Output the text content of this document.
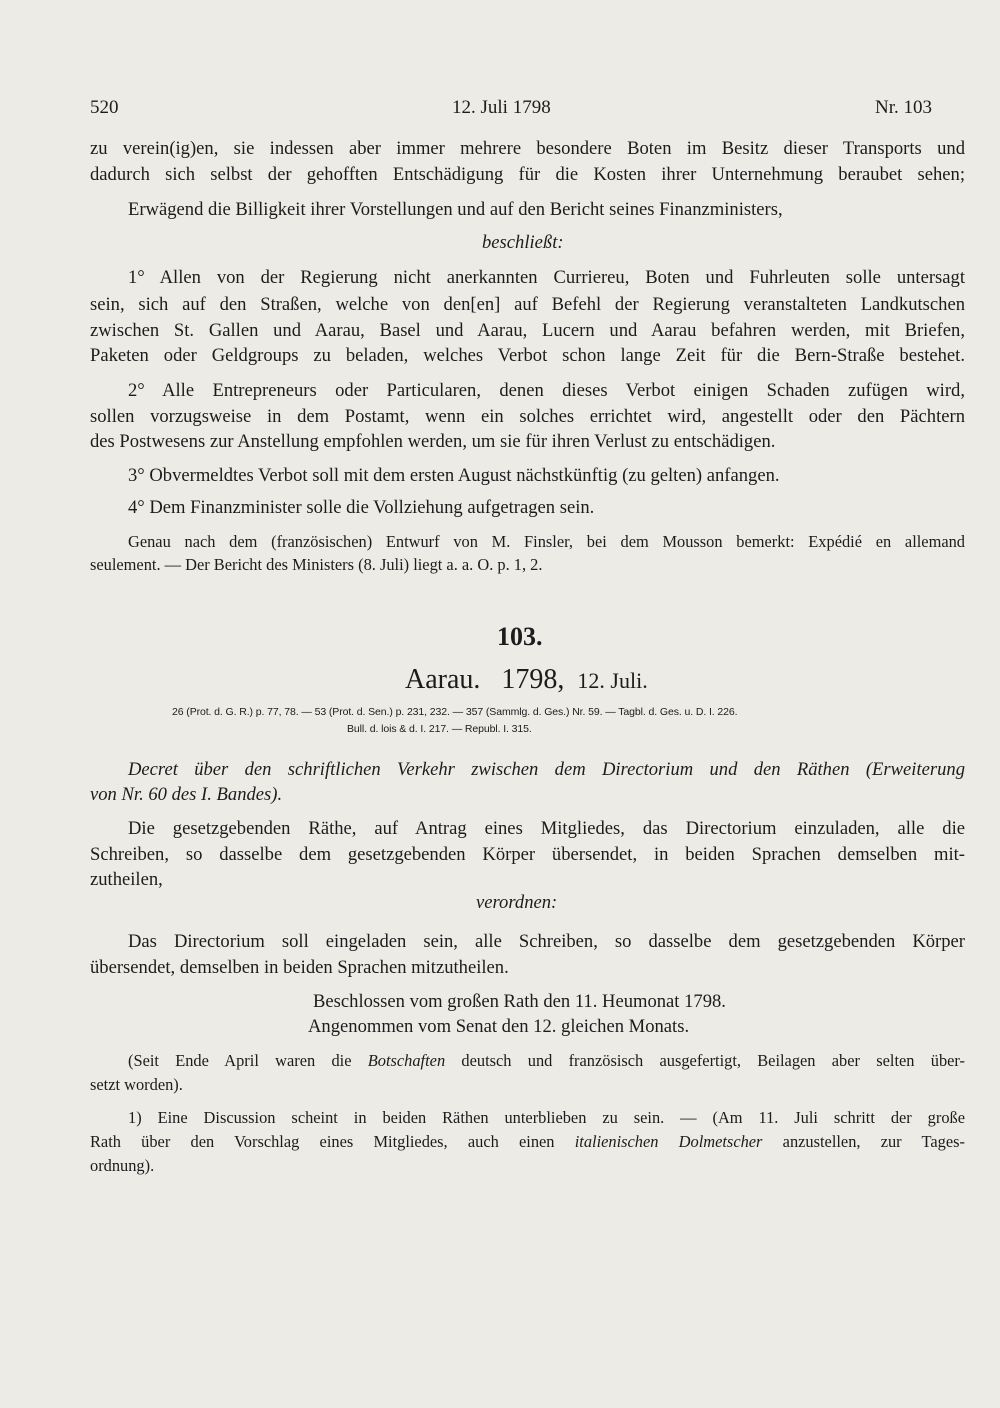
520	12. Juli 1798	Nr. 103
zu verein(ig)en, sie indessen aber immer mehrere besondere Boten im Besitz dieser Transports und
dadurch sich selbst der gehofften Entschädigung für die Kosten ihrer Unternehmung beraubet sehen;
Erwägend die Billigkeit ihrer Vorstellungen und auf den Bericht seines Finanzministers,
beschließt:
1° Allen von der Regierung nicht anerkannten Curriereu, Boten und Fuhrleuten solle untersagt
sein, sich auf den Straßen, welche von den[en] auf Befehl der Regierung veranstalteten Landkutschen
zwischen St. Gallen und Aarau, Basel und Aarau, Lucern und Aarau befahren werden, mit Briefen,
Paketen oder Geldgroups zu beladen, welches Verbot schon lange Zeit für die Bern-Straße bestehet.
2° Alle Entrepreneurs oder Particularen, denen dieses Verbot einigen Schaden zufügen wird,
sollen vorzugsweise in dem Postamt, wenn ein solches errichtet wird, angestellt oder den Pächtern
des Postwesens zur Anstellung empfohlen werden, um sie für ihren Verlust zu entschädigen.
3° Obvermeldtes Verbot soll mit dem ersten August nächstkünftig (zu gelten) anfangen.
4° Dem Finanzminister solle die Vollziehung aufgetragen sein.
Genau nach dem (französischen) Entwurf von M. Finsler, bei dem Mousson bemerkt: Expédié en allemand
seulement. — Der Bericht des Ministers (8. Juli) liegt a. a. O. p. 1, 2.
103.
Aarau. 1798, 12. Juli.
26 (Prot. d. G. R.) p. 77, 78. — 53 (Prot. d. Sen.) p. 231, 232. — 357 (Sammlg. d. Ges.) Nr. 59. — Tagbl. d. Ges. u. D. I. 226.
Bull. d. lois & d. I. 217. — Republ. I. 315.
Decret über den schriftlichen Verkehr zwischen dem Directorium und den Räthen (Erweiterung
von Nr. 60 des I. Bandes).
Die gesetzgebenden Räthe, auf Antrag eines Mitgliedes, das Directorium einzuladen, alle die
Schreiben, so dasselbe dem gesetzgebenden Körper übersendet, in beiden Sprachen demselben mit-
zutheilen,
verordnen:
Das Directorium soll eingeladen sein, alle Schreiben, so dasselbe dem gesetzgebenden Körper
übersendet, demselben in beiden Sprachen mitzutheilen.
Beschlossen vom großen Rath den 11. Heumonat 1798.
Angenommen vom Senat den 12. gleichen Monats.
(Seit Ende April waren die Botschaften deutsch und französisch ausgefertigt, Beilagen aber selten über-
setzt worden).
1) Eine Discussion scheint in beiden Räthen unterblieben zu sein. — (Am 11. Juli schritt der große
Rath über den Vorschlag eines Mitgliedes, auch einen italienischen Dolmetscher anzustellen, zur Tages-
ordnung).
